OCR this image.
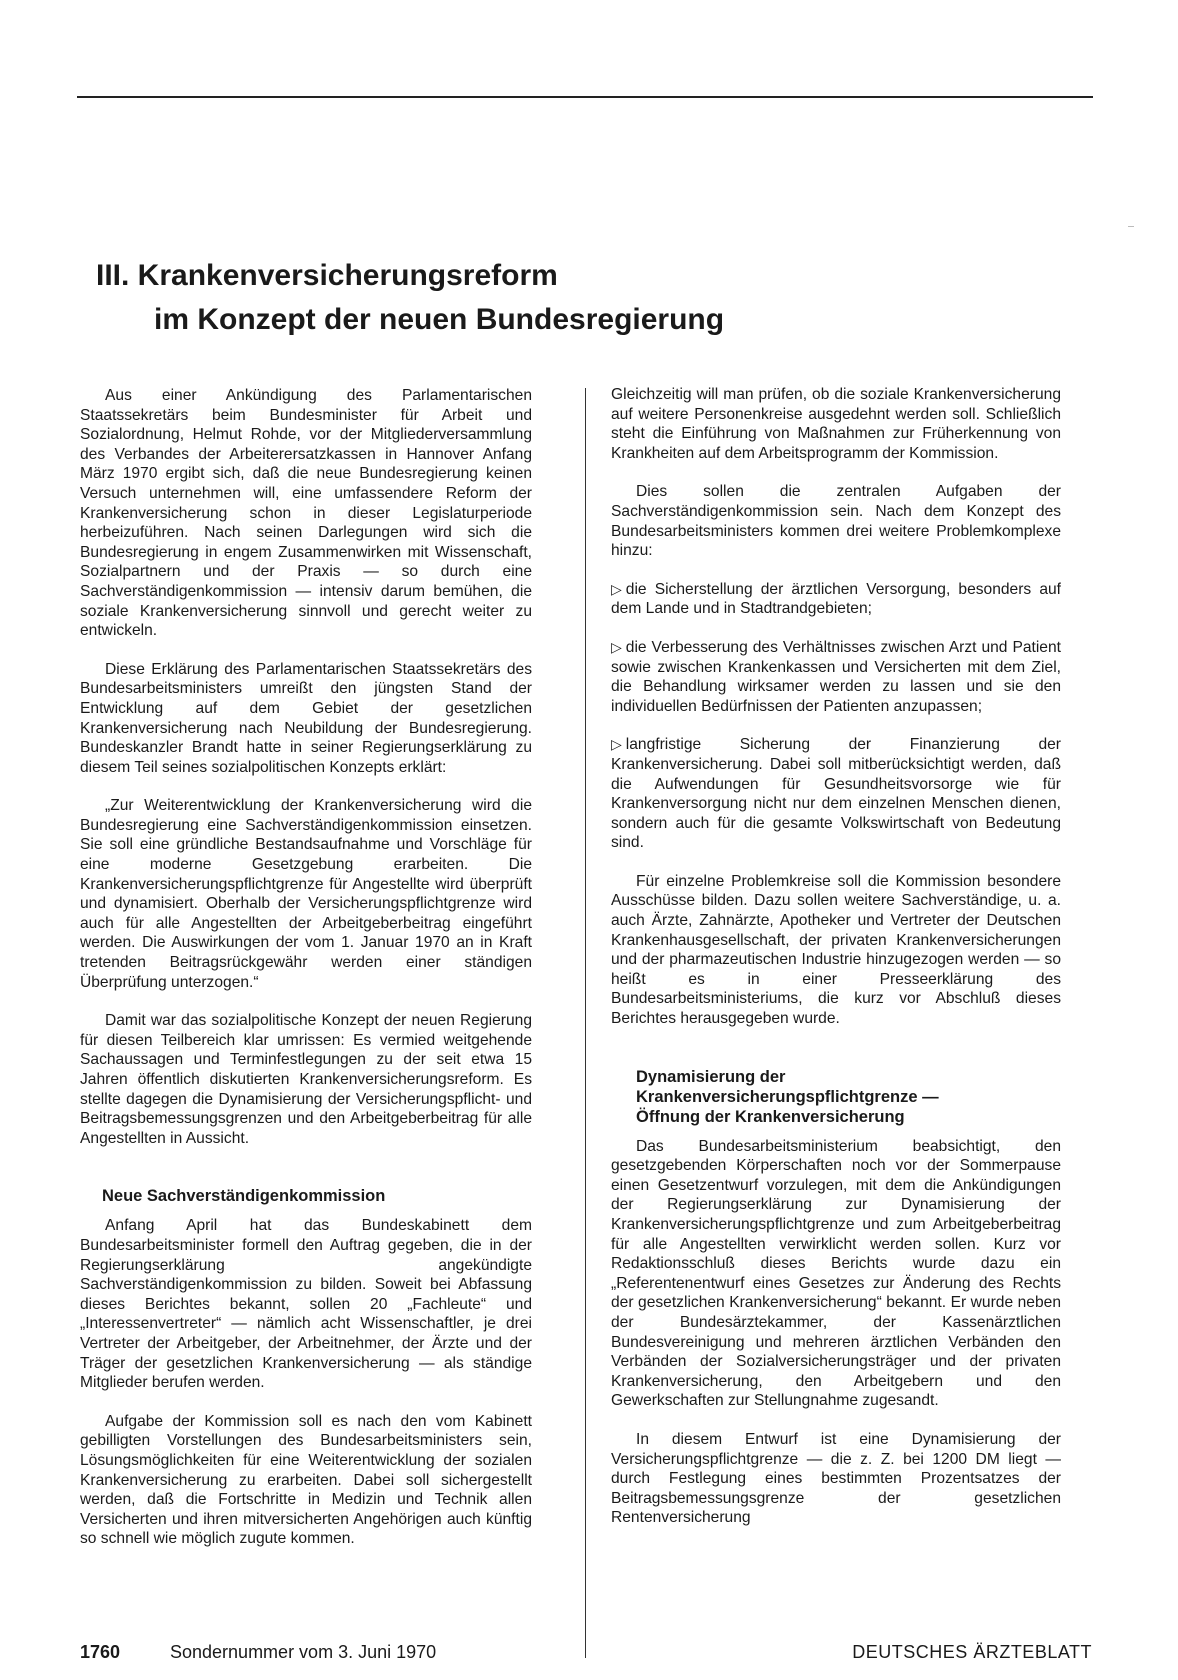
III. Krankenversicherungsreform
im Konzept der neuen Bundesregierung

Aus einer Ankündigung des Parlamentarischen Staatssekretärs beim Bundesminister für Arbeit und Sozialordnung, Helmut Rohde, vor der Mitgliederversammlung des Verbandes der Arbeiterersatzkassen in Hannover Anfang März 1970 ergibt sich, daß die neue Bundesregierung keinen Versuch unternehmen will, eine umfassendere Reform der Krankenversicherung schon in dieser Legislaturperiode herbeizuführen. Nach seinen Darlegungen wird sich die Bundesregierung in engem Zusammenwirken mit Wissenschaft, Sozialpartnern und der Praxis — so durch eine Sachverständigenkommission — intensiv darum bemühen, die soziale Krankenversicherung sinnvoll und gerecht weiter zu entwickeln.

Diese Erklärung des Parlamentarischen Staatssekretärs des Bundesarbeitsministers umreißt den jüngsten Stand der Entwicklung auf dem Gebiet der gesetzlichen Krankenversicherung nach Neubildung der Bundesregierung. Bundeskanzler Brandt hatte in seiner Regierungserklärung zu diesem Teil seines sozialpolitischen Konzepts erklärt:

„Zur Weiterentwicklung der Krankenversicherung wird die Bundesregierung eine Sachverständigenkommission einsetzen. Sie soll eine gründliche Bestandsaufnahme und Vorschläge für eine moderne Gesetzgebung erarbeiten. Die Krankenversicherungspflichtgrenze für Angestellte wird überprüft und dynamisiert. Oberhalb der Versicherungspflichtgrenze wird auch für alle Angestellten der Arbeitgeberbeitrag eingeführt werden. Die Auswirkungen der vom 1. Januar 1970 an in Kraft tretenden Beitragsrückgewähr werden einer ständigen Überprüfung unterzogen.“

Damit war das sozialpolitische Konzept der neuen Regierung für diesen Teilbereich klar umrissen: Es vermied weitgehende Sachaussagen und Terminfestlegungen zu der seit etwa 15 Jahren öffentlich diskutierten Krankenversicherungsreform. Es stellte dagegen die Dynamisierung der Versicherungspflicht- und Beitragsbemessungsgrenzen und den Arbeitgeberbeitrag für alle Angestellten in Aussicht.

Neue Sachverständigenkommission

Anfang April hat das Bundeskabinett dem Bundesarbeitsminister formell den Auftrag gegeben, die in der Regierungserklärung angekündigte Sachverständigenkommission zu bilden. Soweit bei Abfassung dieses Berichtes bekannt, sollen 20 „Fachleute“ und „Interessenvertreter“ — nämlich acht Wissenschaftler, je drei Vertreter der Arbeitgeber, der Arbeitnehmer, der Ärzte und der Träger der gesetzlichen Krankenversicherung — als ständige Mitglieder berufen werden.

Aufgabe der Kommission soll es nach den vom Kabinett gebilligten Vorstellungen des Bundesarbeitsministers sein, Lösungsmöglichkeiten für eine Weiterentwicklung der sozialen Krankenversicherung zu erarbeiten. Dabei soll sichergestellt werden, daß die Fortschritte in Medizin und Technik allen Versicherten und ihren mitversicherten Angehörigen auch künftig so schnell wie möglich zugute kommen.

Gleichzeitig will man prüfen, ob die soziale Krankenversicherung auf weitere Personenkreise ausgedehnt werden soll. Schließlich steht die Einführung von Maßnahmen zur Früherkennung von Krankheiten auf dem Arbeitsprogramm der Kommission.

Dies sollen die zentralen Aufgaben der Sachverständigenkommission sein. Nach dem Konzept des Bundesarbeitsministers kommen drei weitere Problemkomplexe hinzu:

▷ die Sicherstellung der ärztlichen Versorgung, besonders auf dem Lande und in Stadtrandgebieten;

▷ die Verbesserung des Verhältnisses zwischen Arzt und Patient sowie zwischen Krankenkassen und Versicherten mit dem Ziel, die Behandlung wirksamer werden zu lassen und sie den individuellen Bedürfnissen der Patienten anzupassen;

▷ langfristige Sicherung der Finanzierung der Krankenversicherung. Dabei soll mitberücksichtigt werden, daß die Aufwendungen für Gesundheitsvorsorge wie für Krankenversorgung nicht nur dem einzelnen Menschen dienen, sondern auch für die gesamte Volkswirtschaft von Bedeutung sind.

Für einzelne Problemkreise soll die Kommission besondere Ausschüsse bilden. Dazu sollen weitere Sachverständige, u. a. auch Ärzte, Zahnärzte, Apotheker und Vertreter der Deutschen Krankenhausgesellschaft, der privaten Krankenversicherungen und der pharmazeutischen Industrie hinzugezogen werden — so heißt es in einer Presseerklärung des Bundesarbeitsministeriums, die kurz vor Abschluß dieses Berichtes herausgegeben wurde.

Dynamisierung der
Krankenversicherungspflichtgrenze —
Öffnung der Krankenversicherung

Das Bundesarbeitsministerium beabsichtigt, den gesetzgebenden Körperschaften noch vor der Sommerpause einen Gesetzentwurf vorzulegen, mit dem die Ankündigungen der Regierungserklärung zur Dynamisierung der Krankenversicherungspflichtgrenze und zum Arbeitgeberbeitrag für alle Angestellten verwirklicht werden sollen. Kurz vor Redaktionsschluß dieses Berichts wurde dazu ein „Referentenentwurf eines Gesetzes zur Änderung des Rechts der gesetzlichen Krankenversicherung“ bekannt. Er wurde neben der Bundesärztekammer, der Kassenärztlichen Bundesvereinigung und mehreren ärztlichen Verbänden den Verbänden der Sozialversicherungsträger und der privaten Krankenversicherung, den Arbeitgebern und den Gewerkschaften zur Stellungnahme zugesandt.

In diesem Entwurf ist eine Dynamisierung der Versicherungspflichtgrenze — die z. Z. bei 1200 DM liegt — durch Festlegung eines bestimmten Prozentsatzes der Beitragsbemessungsgrenze der gesetzlichen Rentenversicherung

1760	Sondernummer vom 3. Juni 1970	DEUTSCHES ÄRZTEBLATT
